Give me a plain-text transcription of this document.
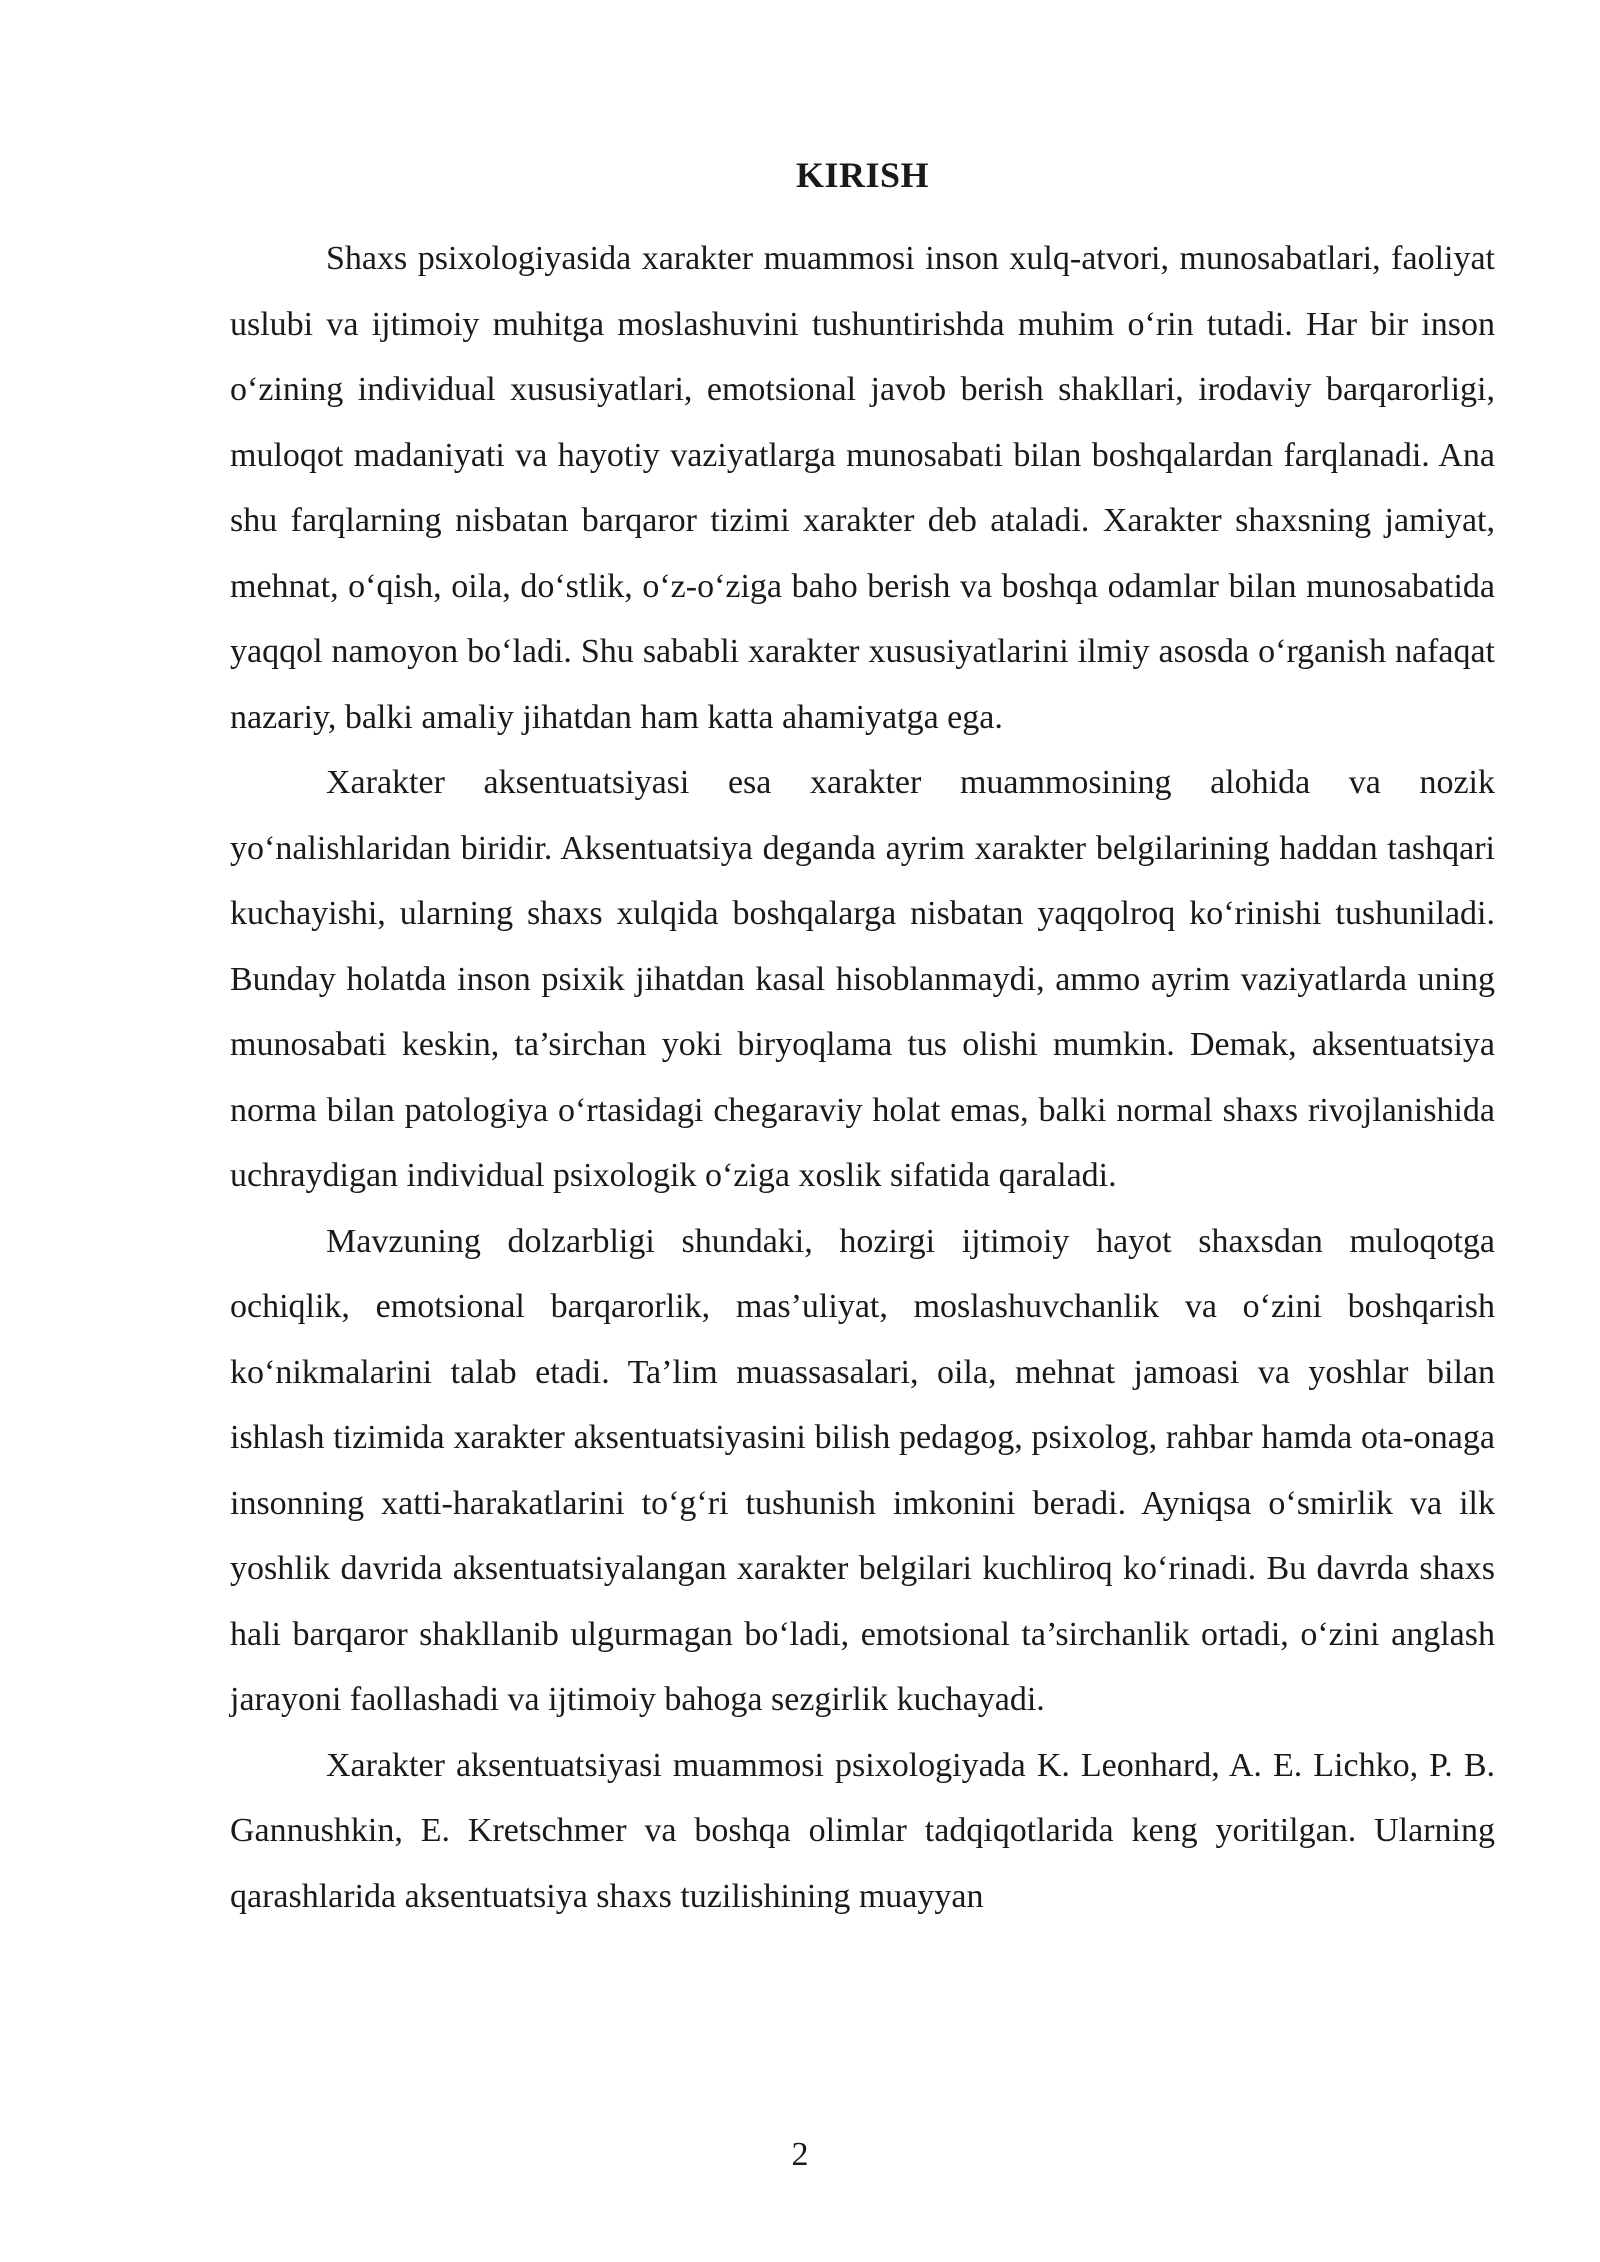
KIRISH

Shaxs psixologiyasida xarakter muammosi inson xulq-atvori, munosabatlari, faoliyat uslubi va ijtimoiy muhitga moslashuvini tushuntirishda muhim o‘rin tutadi. Har bir inson o‘zining individual xususiyatlari, emotsional javob berish shakllari, irodaviy barqarorligi, muloqot madaniyati va hayotiy vaziyatlarga munosabati bilan boshqalardan farqlanadi. Ana shu farqlarning nisbatan barqaror tizimi xarakter deb ataladi. Xarakter shaxsning jamiyat, mehnat, o‘qish, oila, do‘stlik, o‘z-o‘ziga baho berish va boshqa odamlar bilan munosabatida yaqqol namoyon bo‘ladi. Shu sababli xarakter xususiyatlarini ilmiy asosda o‘rganish nafaqat nazariy, balki amaliy jihatdan ham katta ahamiyatga ega.

Xarakter aksentuatsiyasi esa xarakter muammosining alohida va nozik yo‘nalishlaridan biridir. Aksentuatsiya deganda ayrim xarakter belgilarining haddan tashqari kuchayishi, ularning shaxs xulqida boshqalarga nisbatan yaqqolroq ko‘rinishi tushuniladi. Bunday holatda inson psixik jihatdan kasal hisoblanmaydi, ammo ayrim vaziyatlarda uning munosabati keskin, ta’sirchan yoki biryoqlama tus olishi mumkin. Demak, aksentuatsiya norma bilan patologiya o‘rtasidagi chegaraviy holat emas, balki normal shaxs rivojlanishida uchraydigan individual psixologik o‘ziga xoslik sifatida qaraladi.

Mavzuning dolzarbligi shundaki, hozirgi ijtimoiy hayot shaxsdan muloqotga ochiqlik, emotsional barqarorlik, mas’uliyat, moslashuvchanlik va o‘zini boshqarish ko‘nikmalarini talab etadi. Ta’lim muassasalari, oila, mehnat jamoasi va yoshlar bilan ishlash tizimida xarakter aksentuatsiyasini bilish pedagog, psixolog, rahbar hamda ota-onaga insonning xatti-harakatlarini to‘g‘ri tushunish imkonini beradi. Ayniqsa o‘smirlik va ilk yoshlik davrida aksentuatsiyalangan xarakter belgilari kuchliroq ko‘rinadi. Bu davrda shaxs hali barqaror shakllanib ulgurmagan bo‘ladi, emotsional ta’sirchanlik ortadi, o‘zini anglash jarayoni faollashadi va ijtimoiy bahoga sezgirlik kuchayadi.

Xarakter aksentuatsiyasi muammosi psixologiyada K. Leonhard, A. E. Lichko, P. B. Gannushkin, E. Kretschmer va boshqa olimlar tadqiqotlarida keng yoritilgan. Ularning qarashlarida aksentuatsiya shaxs tuzilishining muayyan

2
